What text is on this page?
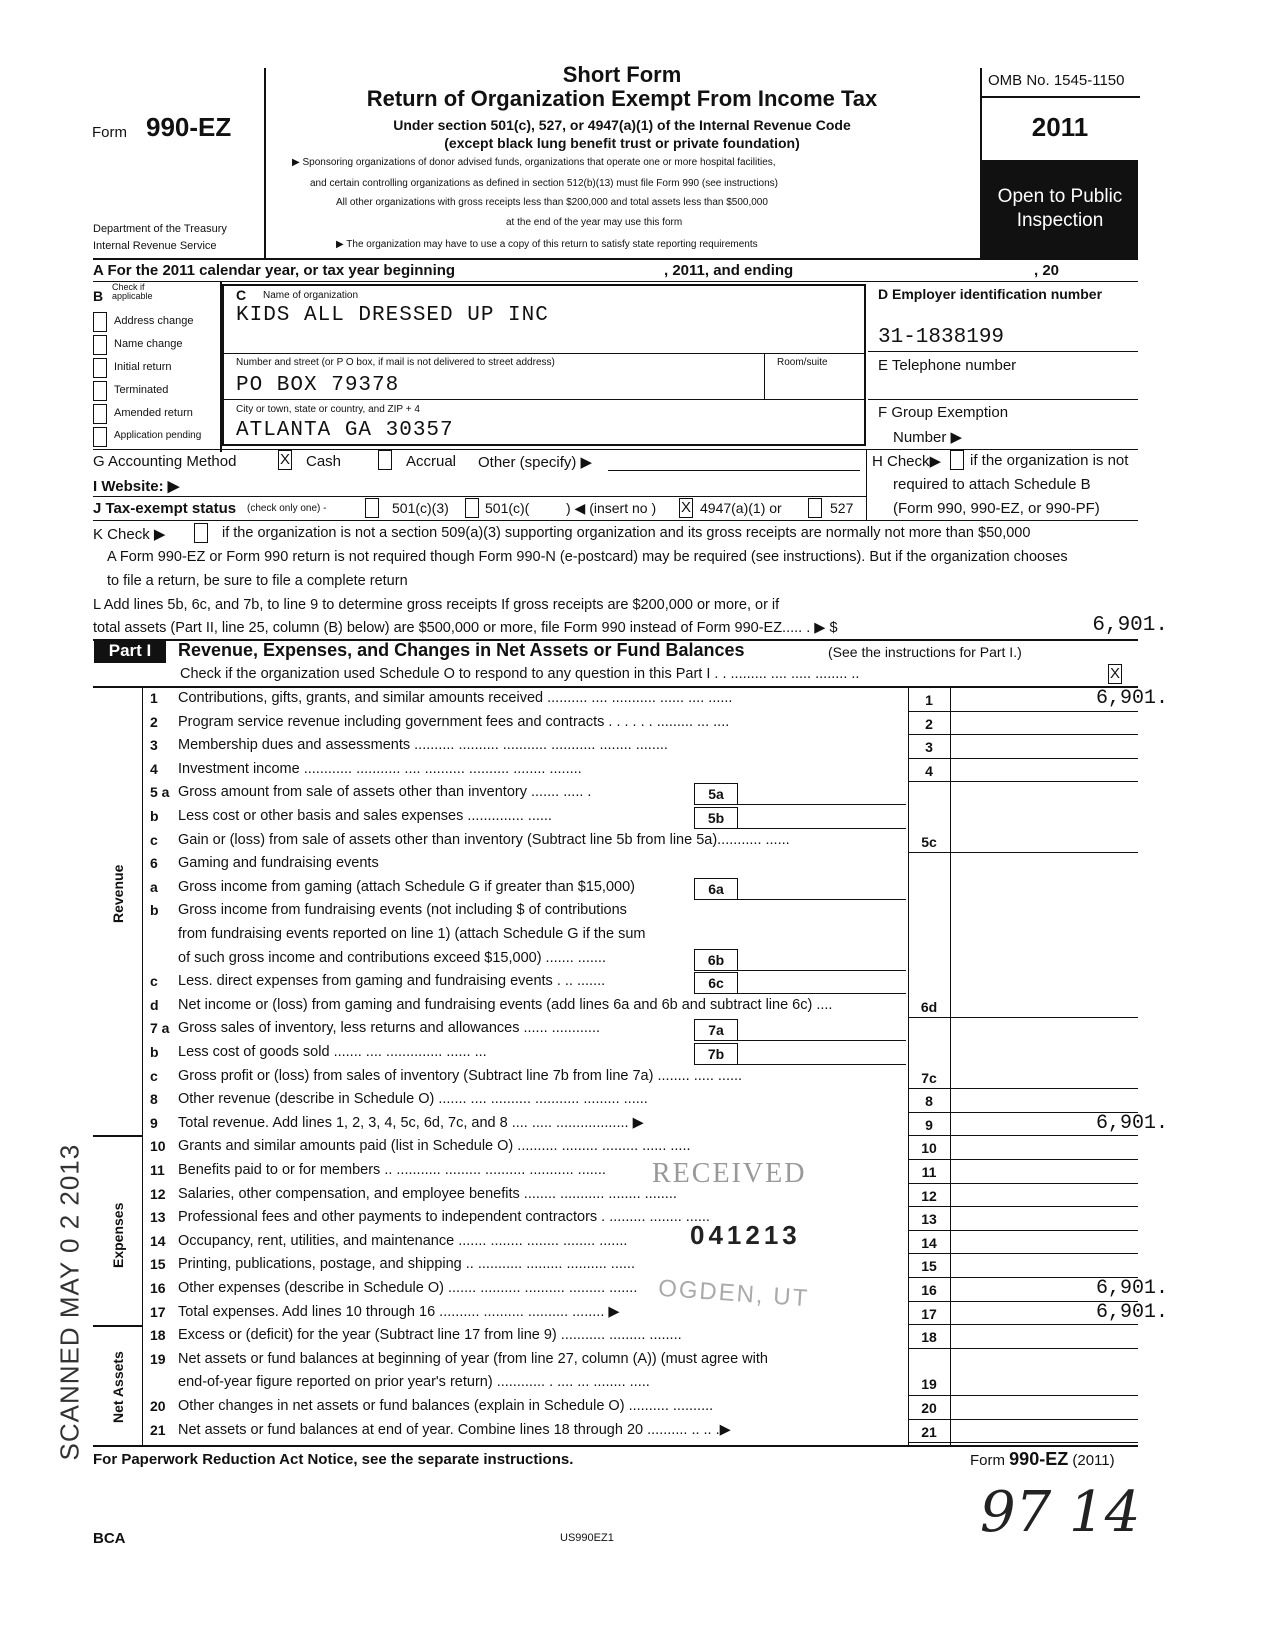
Form 990-EZ
Department of the Treasury
Internal Revenue Service
Short Form
Return of Organization Exempt From Income Tax
Under section 501(c), 527, or 4947(a)(1) of the Internal Revenue Code
(except black lung benefit trust or private foundation)
▶ Sponsoring organizations of donor advised funds, organizations that operate one or more hospital facilities,
and certain controlling organizations as defined in section 512(b)(13) must file Form 990 (see instructions)
All other organizations with gross receipts less than $200,000 and total assets less than $500,000
at the end of the year may use this form
▶ The organization may have to use a copy of this return to satisfy state reporting requirements
OMB No. 1545-1150
2011
Open to Public
Inspection
A For the 2011 calendar year, or tax year beginning	, 2011, and ending	, 20
B
Check if applicable
Address change
Name change
Initial return
Terminated
Amended return
Application pending
C Name of organization
KIDS ALL DRESSED UP INC
Number and street (or P O box, if mail is not delivered to street address)	Room/suite
PO BOX 79378
City or town, state or country, and ZIP + 4
ATLANTA GA 30357
D Employer identification number
31-1838199
E Telephone number
F Group Exemption
Number ▶
G Accounting Method	X Cash	Accrual Other (specify) ▶	H Check▶ if the organization is not
required to attach Schedule B
(Form 990, 990-EZ, or 990-PF)
I Website: ▶
J Tax-exempt status (check only one) -	501(c)(3)	501(c)(	) ◀ (insert no ) X 4947(a)(1) or	527
K Check ▶	if the organization is not a section 509(a)(3) supporting organization and its gross receipts are normally not more than $50,000
A Form 990-EZ or Form 990 return is not required though Form 990-N (e-postcard) may be required (see instructions). But if the organization chooses
to file a return, be sure to file a complete return
L Add lines 5b, 6c, and 7b, to line 9 to determine gross receipts If gross receipts are $200,000 or more, or if
total assets (Part II, line 25, column (B) below) are $500,000 or more, file Form 990 instead of Form 990-EZ..... . ▶ $	6,901.
Part I	Revenue, Expenses, and Changes in Net Assets or Fund Balances	(See the instructions for Part I.)
Check if the organization used Schedule O to respond to any question in this Part I . . ......... .... ..... ........ ..	X
Revenue
Expenses
Net Assets
1 Contributions, gifts, grants, and similar amounts received .......... .... ........... ...... .... ......	1	6,901.
2 Program service revenue including government fees and contracts . . . . . . ......... ... ....	2
3 Membership dues and assessments .......... .......... ........... ........... ........ ........	3
4 Investment income ............ ........... .... .......... .......... ........ ........	4
5 a Gross amount from sale of assets other than inventory ....... ..... .	5a
b Less cost or other basis and sales expenses .............. ......	5b
c Gain or (loss) from sale of assets other than inventory (Subtract line 5b from line 5a)........... ......	5c
6 Gaming and fundraising events
a Gross income from gaming (attach Schedule G if greater than $15,000)	6a
b Gross income from fundraising events (not including $ of contributions
from fundraising events reported on line 1) (attach Schedule G if the sum
of such gross income and contributions exceed $15,000) ....... .......	6b
c Less. direct expenses from gaming and fundraising events . .. .......	6c
d Net income or (loss) from gaming and fundraising events (add lines 6a and 6b and subtract line 6c) ....	6d
7 a Gross sales of inventory, less returns and allowances ...... ............	7a
b Less cost of goods sold ....... .... .............. ...... ...	7b
c Gross profit or (loss) from sales of inventory (Subtract line 7b from line 7a) ........ ..... ......	7c
8 Other revenue (describe in Schedule O) ....... .... .......... ........... ......... ......	8
9 Total revenue. Add lines 1, 2, 3, 4, 5c, 6d, 7c, and 8 .... ..... .................. ▶	9	6,901.
10 Grants and similar amounts paid (list in Schedule O) .......... ......... ......... ...... .....	10
11 Benefits paid to or for members .. ........... ......... .......... ........... .......	11
12 Salaries, other compensation, and employee benefits ........ ........... ........ ........	12
13 Professional fees and other payments to independent contractors . ......... ........ ......	13
14 Occupancy, rent, utilities, and maintenance ....... ........ ........ ........ .......	14
15 Printing, publications, postage, and shipping .. ........... ......... .......... ......	15
16 Other expenses (describe in Schedule O) ....... .......... .......... ......... .......	16	6,901.
17 Total expenses. Add lines 10 through 16 .......... .......... .......... ........ ▶	17	6,901.
18 Excess or (deficit) for the year (Subtract line 17 from line 9) ........... ......... ........	18
19 Net assets or fund balances at beginning of year (from line 27, column (A)) (must agree with
end-of-year figure reported on prior year's return) ............ . .... ... ........ .....	19
20 Other changes in net assets or fund balances (explain in Schedule O) .......... ..........	20
21 Net assets or fund balances at end of year. Combine lines 18 through 20 .......... .. .. .▶	21
For Paperwork Reduction Act Notice, see the separate instructions.	Form 990-EZ (2011)
BCA	US990EZ1
SCANNED MAY 0 2 2013	RECEIVED
041213
OGDEN, UT
97 14
